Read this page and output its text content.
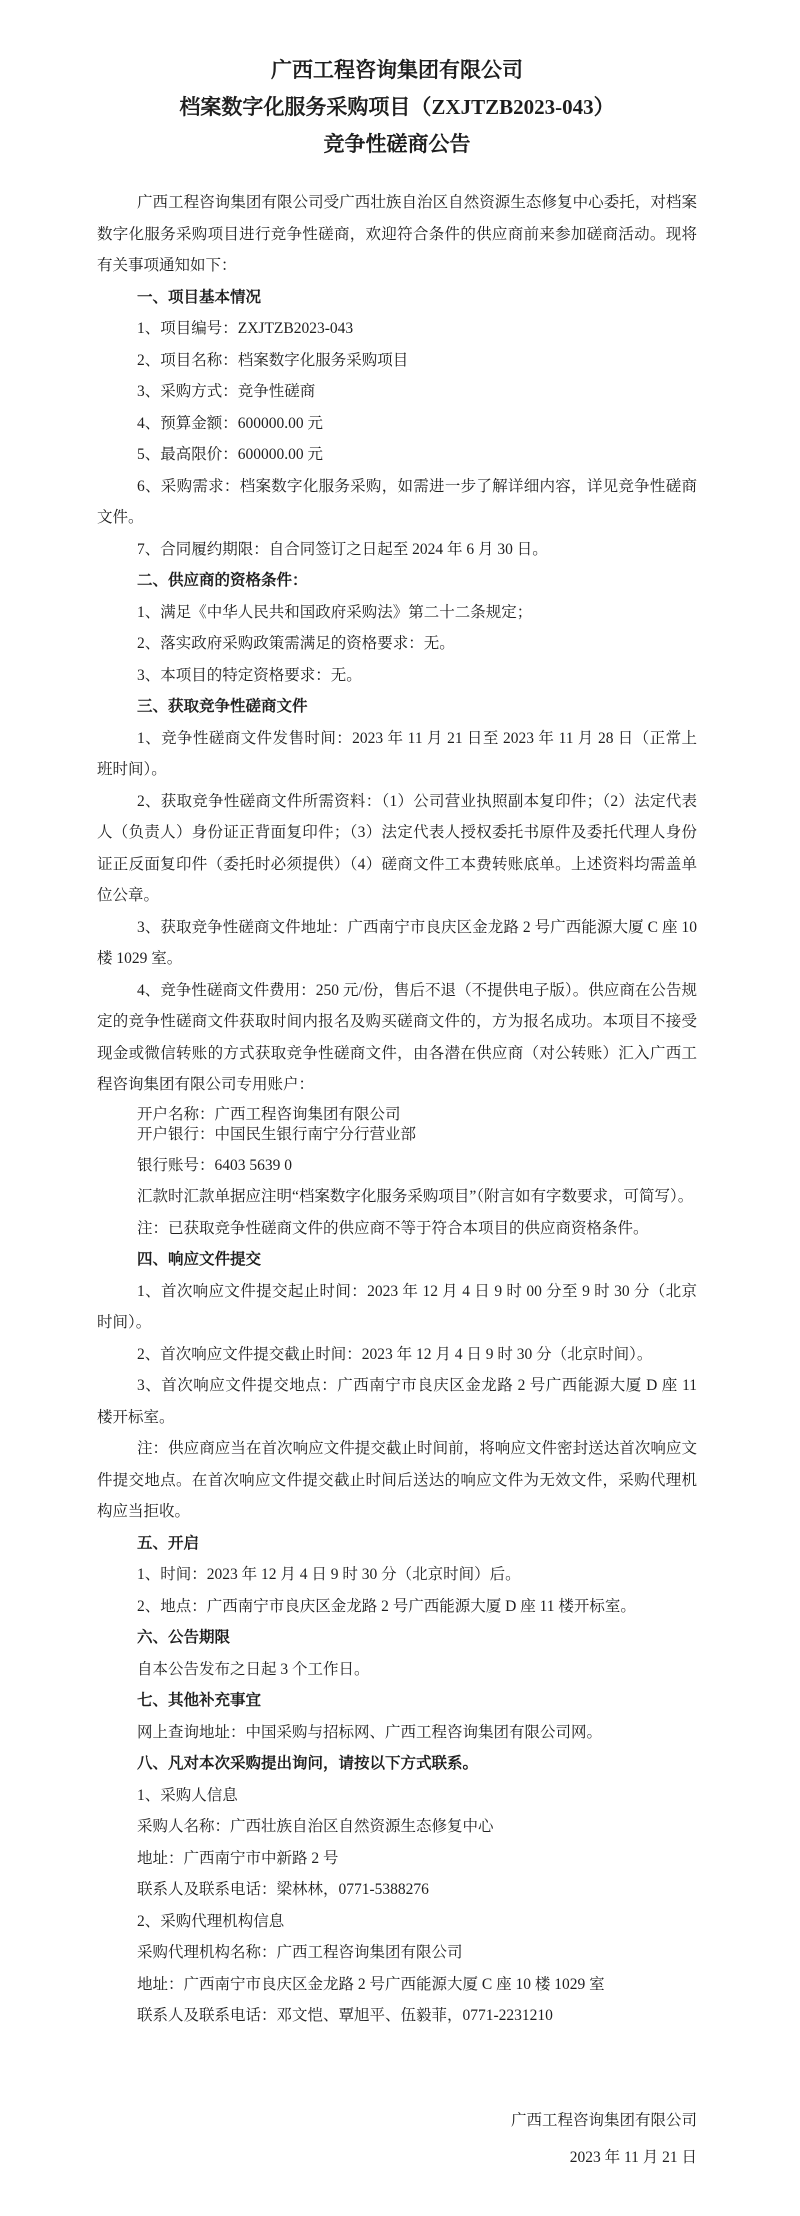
广西工程咨询集团有限公司
档案数字化服务采购项目（ZXJTZB2023-043）
竞争性磋商公告

广西工程咨询集团有限公司受广西壮族自治区自然资源生态修复中心委托，对档案数字化服务采购项目进行竞争性磋商，欢迎符合条件的供应商前来参加磋商活动。现将有关事项通知如下：

一、项目基本情况

1、项目编号：ZXJTZB2023-043

2、项目名称：档案数字化服务采购项目

3、采购方式：竞争性磋商

4、预算金额：600000.00 元

5、最高限价：600000.00 元

6、采购需求：档案数字化服务采购，如需进一步了解详细内容，详见竞争性磋商文件。

7、合同履约期限：自合同签订之日起至 2024 年 6 月 30 日。

二、供应商的资格条件：

1、满足《中华人民共和国政府采购法》第二十二条规定；

2、落实政府采购政策需满足的资格要求：无。

3、本项目的特定资格要求：无。

三、获取竞争性磋商文件

1、竞争性磋商文件发售时间：2023 年 11 月 21 日至 2023 年 11 月 28 日（正常上班时间）。

2、获取竞争性磋商文件所需资料：（1）公司营业执照副本复印件；（2）法定代表人（负责人）身份证正背面复印件；（3）法定代表人授权委托书原件及委托代理人身份证正反面复印件（委托时必须提供）（4）磋商文件工本费转账底单。上述资料均需盖单位公章。

3、获取竞争性磋商文件地址：广西南宁市良庆区金龙路 2 号广西能源大厦 C 座 10 楼 1029 室。

4、竞争性磋商文件费用：250 元/份，售后不退（不提供电子版）。供应商在公告规定的竞争性磋商文件获取时间内报名及购买磋商文件的，方为报名成功。本项目不接受现金或微信转账的方式获取竞争性磋商文件，由各潜在供应商（对公转账）汇入广西工程咨询集团有限公司专用账户：

开户名称：广西工程咨询集团有限公司

开户银行：中国民生银行南宁分行营业部

银行账号：6403 5639 0

汇款时汇款单据应注明“档案数字化服务采购项目”（附言如有字数要求，可简写）。

注：已获取竞争性磋商文件的供应商不等于符合本项目的供应商资格条件。

四、响应文件提交

1、首次响应文件提交起止时间：2023 年 12 月 4 日 9 时 00 分至 9 时 30 分（北京时间）。

2、首次响应文件提交截止时间：2023 年 12 月 4 日 9 时 30 分（北京时间）。

3、首次响应文件提交地点：广西南宁市良庆区金龙路 2 号广西能源大厦 D 座 11 楼开标室。

注：供应商应当在首次响应文件提交截止时间前，将响应文件密封送达首次响应文件提交地点。在首次响应文件提交截止时间后送达的响应文件为无效文件，采购代理机构应当拒收。

五、开启

1、时间：2023 年 12 月 4 日 9 时 30 分（北京时间）后。

2、地点：广西南宁市良庆区金龙路 2 号广西能源大厦 D 座 11 楼开标室。

六、公告期限

自本公告发布之日起 3 个工作日。

七、其他补充事宜

网上查询地址：中国采购与招标网、广西工程咨询集团有限公司网。

八、凡对本次采购提出询问，请按以下方式联系。

1、采购人信息

采购人名称：广西壮族自治区自然资源生态修复中心

地址：广西南宁市中新路 2 号

联系人及联系电话：梁林林，0771-5388276

2、采购代理机构信息

采购代理机构名称：广西工程咨询集团有限公司

地址：广西南宁市良庆区金龙路 2 号广西能源大厦 C 座 10 楼 1029 室

联系人及联系电话：邓文恺、覃旭平、伍毅菲，0771-2231210

广西工程咨询集团有限公司
2023 年 11 月 21 日
